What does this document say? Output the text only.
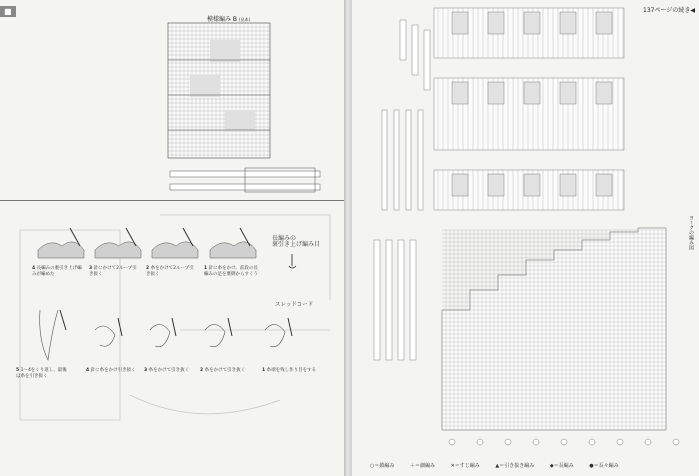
■
模様編み B (見本)
長編みの
裏引き上げ編み目
スレッドコード
4 長編みの裏引き上げ編みが編めた
3 針にかけて2ループ引き抜く
2 糸をかけて2ループ引き抜く
1 針に糸をかけ、前段の長編みの足を裏側からすくう
5 1～4をくり返し、最後は糸を引き抜く
4 針に糸をかけ引き抜く 3 糸をかけて引き抜く	2 糸をかけて引き抜く	1 糸端を残し作り目をする
137ページの続き◀
ヨークの編み図
○＝鎖編み	＋＝細編み	✕＝すじ編み	▲＝引き抜き編み	◆＝長編み	●＝長々編み
